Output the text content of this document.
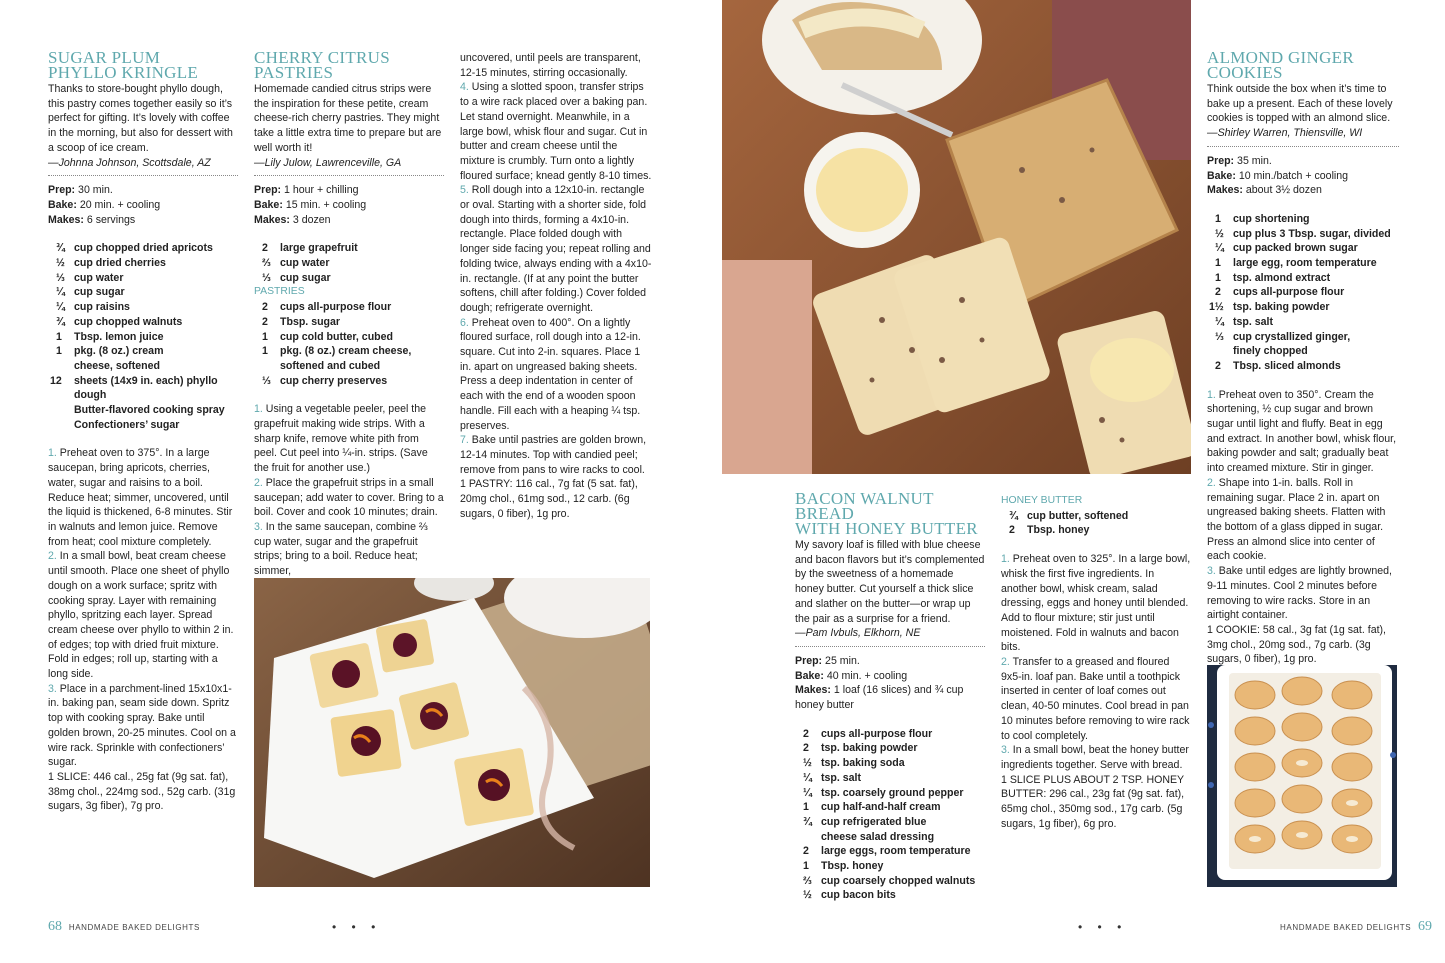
SUGAR PLUM
PHYLLO KRINGLE

Thanks to store-bought phyllo dough, this pastry comes together easily so it’s perfect for gifting. It’s lovely with coffee in the morning, but also for dessert with a scoop of ice cream.

—Johnna Johnson, Scottsdale, AZ
Prep: 30 min.
Bake: 20 min. + cooling
Makes: 6 servings
¾ cup chopped dried apricots
½ cup dried cherries
⅓ cup water
¼ cup sugar
¼ cup raisins
¾ cup chopped walnuts
1	Tbsp. lemon juice
1	pkg. (8 oz.) cream
cheese, softened
12	sheets (14x9 in. each) phyllo dough
Butter-flavored cooking spray
Confectioners’ sugar

1. Preheat oven to 375°. In a large saucepan, bring apricots, cherries, water, sugar and raisins to a boil. Reduce heat; simmer, uncovered, until the liquid is thickened, 6-8 minutes. Stir in walnuts and lemon juice. Remove from heat; cool mixture completely.

2. In a small bowl, beat cream cheese until smooth. Place one sheet of phyllo dough on a work surface; spritz with cooking spray. Layer with remaining phyllo, spritzing each layer. Spread cream cheese over phyllo to within 2 in. of edges; top with dried fruit mixture. Fold in edges; roll up, starting with a long side.

3. Place in a parchment-lined 15x10x1-in. baking pan, seam side down. Spritz top with cooking spray. Bake until golden brown, 20-25 minutes. Cool on a wire rack. Sprinkle with confectioners’ sugar.

1 SLICE: 446 cal., 25g fat (9g sat. fat), 38mg chol., 224mg sod., 52g carb. (31g sugars, 3g fiber), 7g pro.

CHERRY CITRUS
PASTRIES

Homemade candied citrus strips were the inspiration for these petite, cream cheese-rich cherry pastries. They might take a little extra time to prepare but are well worth it!

—Lily Julow, Lawrenceville, GA
Prep: 1 hour + chilling
Bake: 15 min. + cooling
Makes: 3 dozen
2	large grapefruit
⅔ cup water
⅓ cup sugar
PASTRIES
2	cups all-purpose flour
2	Tbsp. sugar
1	cup cold butter, cubed
1	pkg. (8 oz.) cream cheese,
softened and cubed
⅓ cup cherry preserves

1. Using a vegetable peeler, peel the grapefruit making wide strips. With a sharp knife, remove white pith from peel. Cut peel into ¼-in. strips. (Save the fruit for another use.)

2. Place the grapefruit strips in a small saucepan; add water to cover. Bring to a boil. Cover and cook 10 minutes; drain.

3. In the same saucepan, combine ⅔ cup water, sugar and the grapefruit strips; bring to a boil. Reduce heat; simmer,

uncovered, until peels are transparent, 12-15 minutes, stirring occasionally.

4. Using a slotted spoon, transfer strips to a wire rack placed over a baking pan. Let stand overnight. Meanwhile, in a large bowl, whisk flour and sugar. Cut in butter and cream cheese until the mixture is crumbly. Turn onto a lightly floured surface; knead gently 8-10 times.

5. Roll dough into a 12x10-in. rectangle or oval. Starting with a shorter side, fold dough into thirds, forming a 4x10-in. rectangle. Place folded dough with longer side facing you; repeat rolling and folding twice, always ending with a 4x10-in. rectangle. (If at any point the butter softens, chill after folding.) Cover folded dough; refrigerate overnight.

6. Preheat oven to 400°. On a lightly floured surface, roll dough into a 12-in. square. Cut into 2-in. squares. Place 1 in. apart on ungreased baking sheets. Press a deep indentation in center of each with the end of a wooden spoon handle. Fill each with a heaping ¼ tsp. preserves.

7. Bake until pastries are golden brown, 12-14 minutes. Top with candied peel; remove from pans to wire racks to cool.

1 PASTRY: 116 cal., 7g fat (5 sat. fat), 20mg chol., 61mg sod., 12 carb. (6g sugars, 0 fiber), 1g pro.

68 HANDMADE BAKED DELIGHTS	• • •
BACON WALNUT BREAD
WITH HONEY BUTTER

My savory loaf is filled with blue cheese and bacon flavors but it’s complemented by the sweetness of a homemade honey butter. Cut yourself a thick slice and slather on the butter—or wrap up the pair as a surprise for a friend.

—Pam Ivbuls, Elkhorn, NE
Prep: 25 min.
Bake: 40 min. + cooling
Makes: 1 loaf (16 slices) and ¾ cup honey butter
2	cups all-purpose flour
2	tsp. baking powder
½ tsp. baking soda
¼ tsp. salt
¼ tsp. coarsely ground pepper
1	cup half-and-half cream
¾ cup refrigerated blue
cheese salad dressing
2	large eggs, room temperature
1	Tbsp. honey
⅔ cup coarsely chopped walnuts
½ cup bacon bits
HONEY BUTTER
¾ cup butter, softened
2	Tbsp. honey

1. Preheat oven to 325°. In a large bowl, whisk the first five ingredients. In another bowl, whisk cream, salad dressing, eggs and honey until blended. Add to flour mixture; stir just until moistened. Fold in walnuts and bacon bits.

2. Transfer to a greased and floured 9x5-in. loaf pan. Bake until a toothpick inserted in center of loaf comes out clean, 40-50 minutes. Cool bread in pan 10 minutes before removing to wire rack to cool completely.

3. In a small bowl, beat the honey butter ingredients together. Serve with bread.

1 SLICE PLUS ABOUT 2 TSP. HONEY BUTTER: 296 cal., 23g fat (9g sat. fat), 65mg chol., 350mg sod., 17g carb. (5g sugars, 1g fiber), 6g pro.

ALMOND GINGER
COOKIES

Think outside the box when it’s time to bake up a present. Each of these lovely cookies is topped with an almond slice.

—Shirley Warren, Thiensville, WI
Prep: 35 min.
Bake: 10 min./batch + cooling
Makes: about 3½ dozen
1	cup shortening
½ cup plus 3 Tbsp. sugar, divided
¼ cup packed brown sugar
1	large egg, room temperature
1	tsp. almond extract
2	cups all-purpose flour
1½ tsp. baking powder
¼ tsp. salt
⅓ cup crystallized ginger,
finely chopped
2	Tbsp. sliced almonds

1. Preheat oven to 350°. Cream the shortening, ½ cup sugar and brown sugar until light and fluffy. Beat in egg and extract. In another bowl, whisk flour, baking powder and salt; gradually beat into creamed mixture. Stir in ginger.

2. Shape into 1-in. balls. Roll in remaining sugar. Place 2 in. apart on ungreased baking sheets. Flatten with the bottom of a glass dipped in sugar. Press an almond slice into center of each cookie.

3. Bake until edges are lightly browned, 9-11 minutes. Cool 2 minutes before removing to wire racks. Store in an airtight container.

1 COOKIE: 58 cal., 3g fat (1g sat. fat), 3mg chol., 20mg sod., 7g carb. (3g sugars, 0 fiber), 1g pro.

• • •	HANDMADE BAKED DELIGHTS 69
